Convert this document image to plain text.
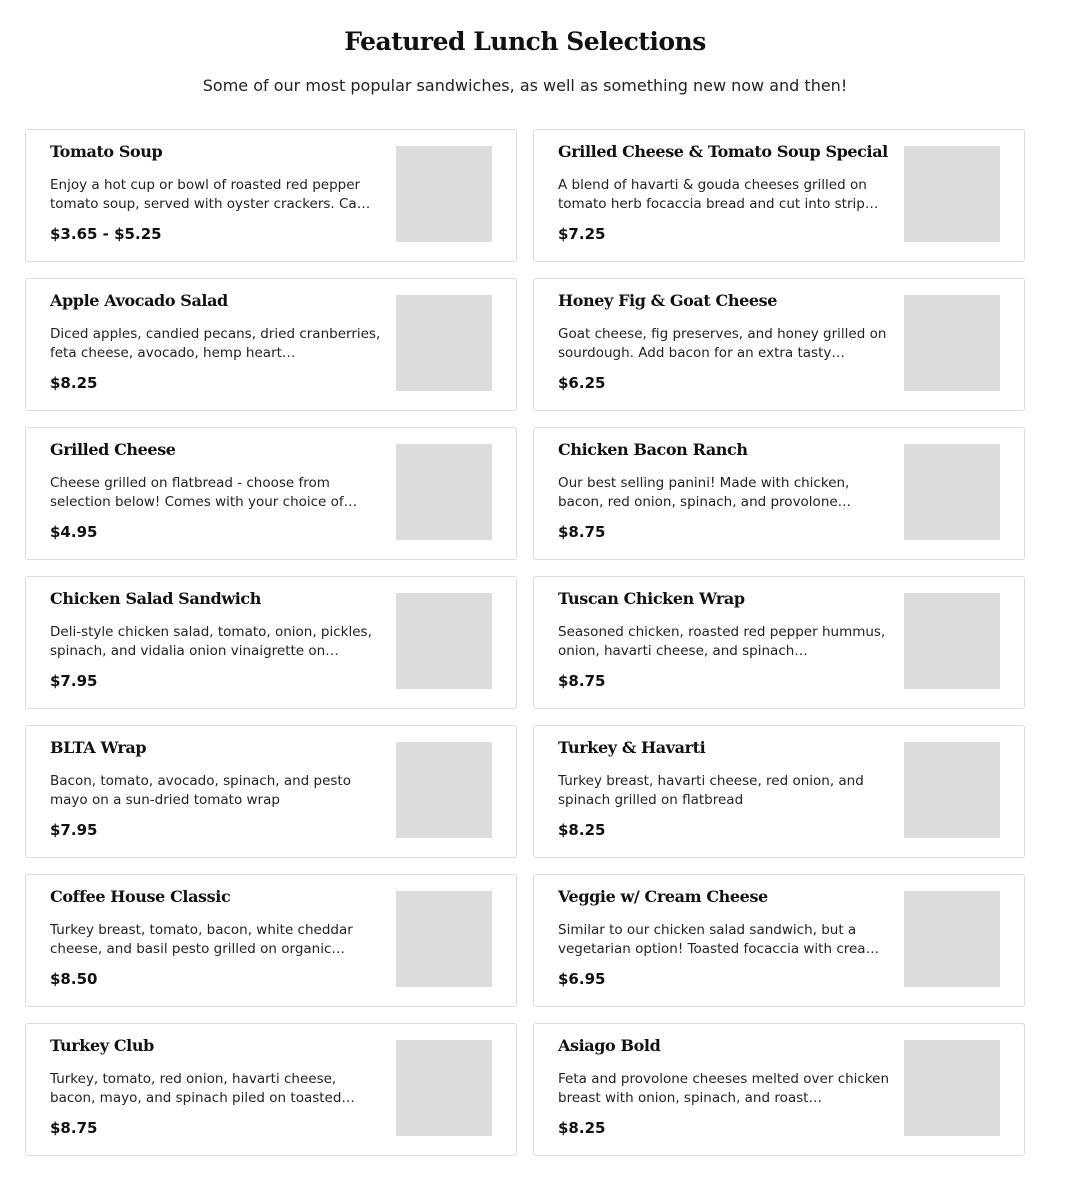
Featured Lunch Selections

Some of our most popular sandwiches, as well as something new now and then!

Tomato Soup

Enjoy a hot cup or bowl of roasted red pepper tomato soup, served with oyster crackers. Ca…

$3.65 - $5.25

Grilled Cheese & Tomato Soup Special

A blend of havarti & gouda cheeses grilled on tomato herb focaccia bread and cut into strip…

$7.25

Apple Avocado Salad

Diced apples, candied pecans, dried cranberries, feta cheese, avocado, hemp heart…

$8.25

Honey Fig & Goat Cheese

Goat cheese, fig preserves, and honey grilled on sourdough. Add bacon for an extra tasty…

$6.25

Grilled Cheese

Cheese grilled on flatbread - choose from selection below! Comes with your choice of…

$4.95

Chicken Bacon Ranch

Our best selling panini! Made with chicken, bacon, red onion, spinach, and provolone…

$8.75

Chicken Salad Sandwich

Deli-style chicken salad, tomato, onion, pickles, spinach, and vidalia onion vinaigrette on…

$7.95

Tuscan Chicken Wrap

Seasoned chicken, roasted red pepper hummus, onion, havarti cheese, and spinach…

$8.75

BLTA Wrap

Bacon, tomato, avocado, spinach, and pesto mayo on a sun-dried tomato wrap

$7.95

Turkey & Havarti

Turkey breast, havarti cheese, red onion, and spinach grilled on flatbread

$8.25

Coffee House Classic

Turkey breast, tomato, bacon, white cheddar cheese, and basil pesto grilled on organic…

$8.50

Veggie w/ Cream Cheese

Similar to our chicken salad sandwich, but a vegetarian option! Toasted focaccia with crea…

$6.95

Turkey Club

Turkey, tomato, red onion, havarti cheese, bacon, mayo, and spinach piled on toasted…

$8.75

Asiago Bold

Feta and provolone cheeses melted over chicken breast with onion, spinach, and roast…

$8.25
